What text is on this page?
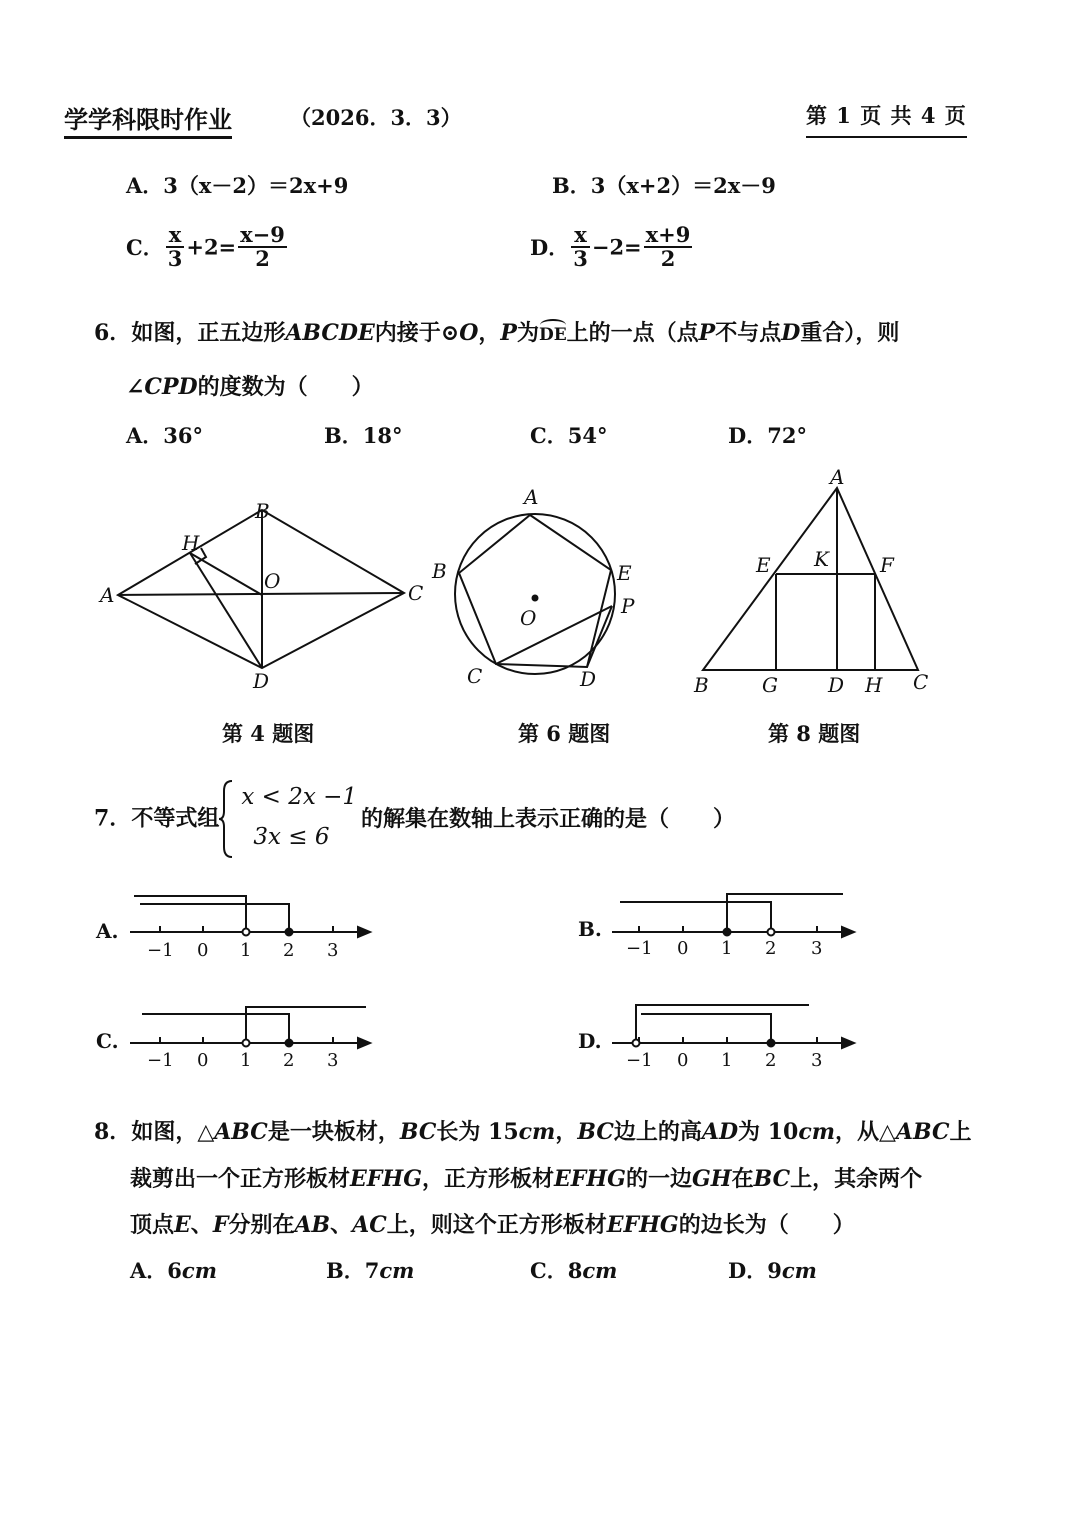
学学科限时作业	（2026．3．3）	第 1 页 共 4 页
A．3（x－2）＝2x+9	B．3（x+2）＝2x－9
C． $\frac{x}{3} +2= \frac{x-9}{2}$	D． $\frac{x}{3} -2= \frac{x+9}{2}$
6．如图，正五边形ABCDE内接于⊙O，P为DE上的一点（点P不与点D重合），则
∠CPD的度数为（　　）
A．36°	B．18°	C．54°	D．72°
A
B
C
D
H
O
A
B
C	D
E
P
O
A
B	C
D
E	F
G	H
K
第 4 题图	第 6 题图	第 8 题图
7．不等式组
x < 2x −1
3x ≤ 6
的解集在数轴上表示正确的是（　　）
A.	B.
C.	D.
−1 0 1 2 3	−1 0 1 2 3
−1 0 1 2 3	−1 0 1 2 3
8．如图，△ABC是一块板材，BC长为 15cm，BC边上的高AD为 10cm，从△ABC上
裁剪出一个正方形板材EFHG，正方形板材EFHG的一边GH在BC上，其余两个
顶点E、F分别在AB、AC上，则这个正方形板材EFHG的边长为（　　）
A．6cm	B．7cm	C．8cm	D．9cm
